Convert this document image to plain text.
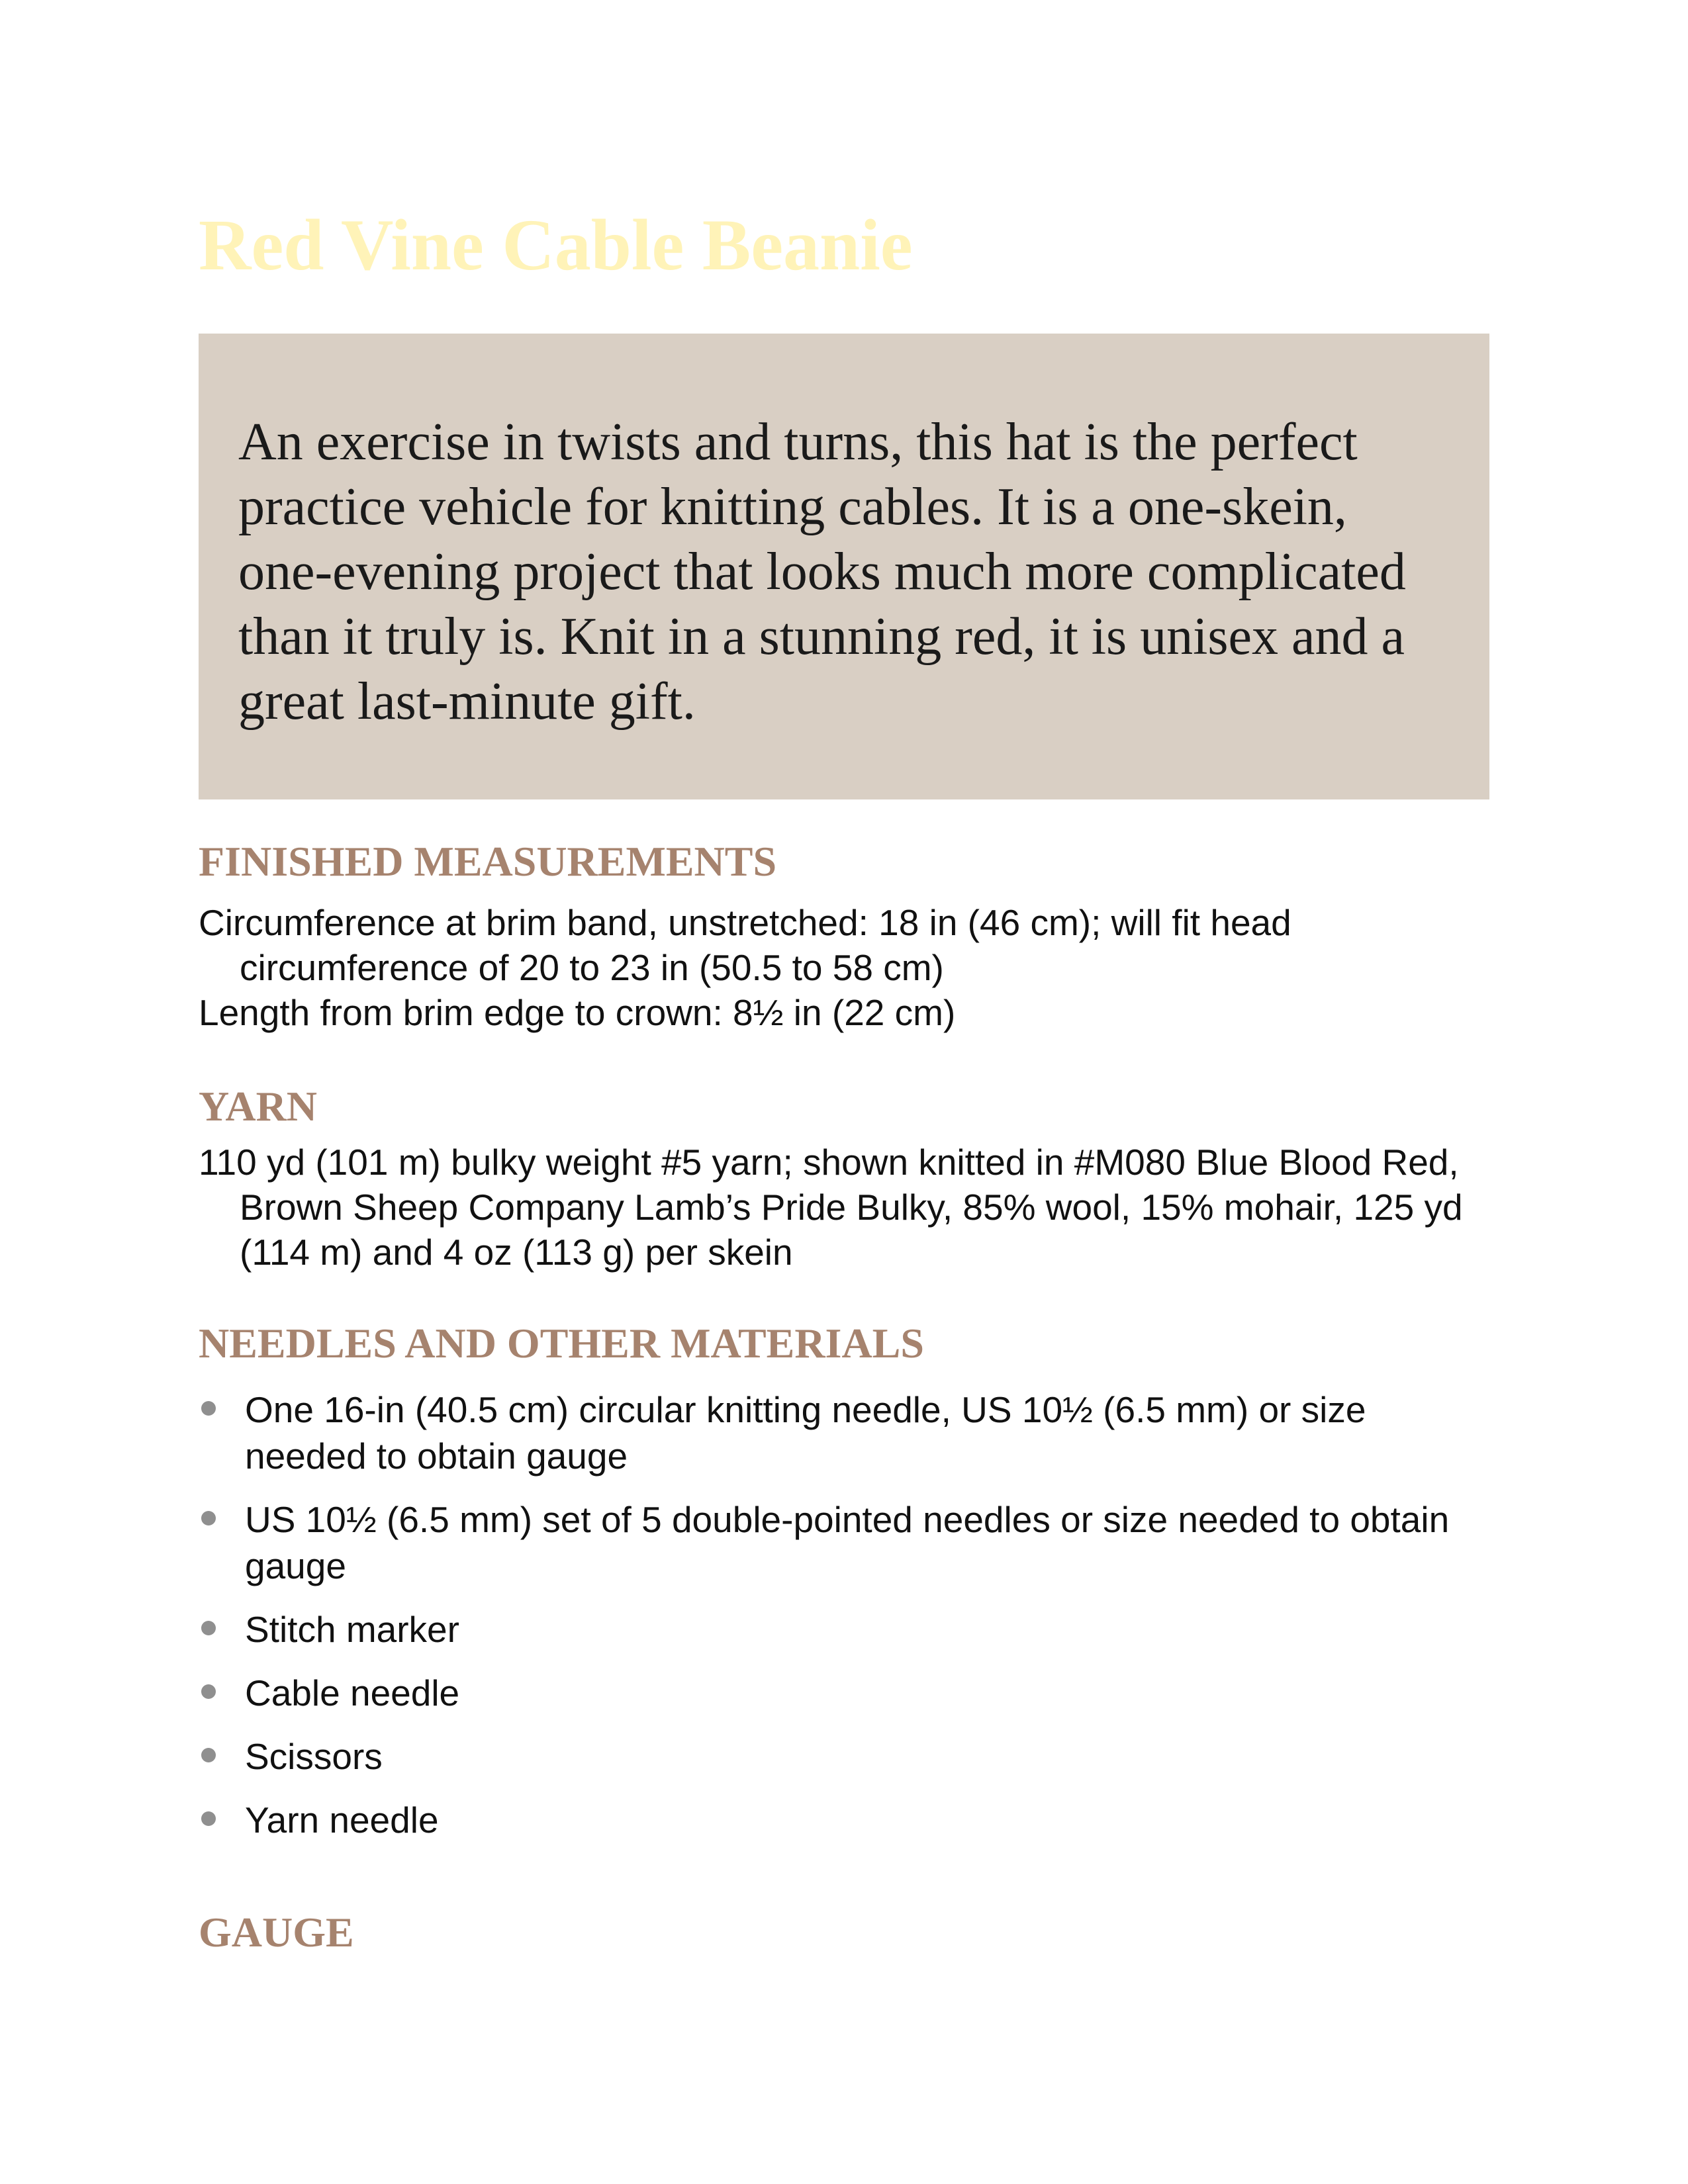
Red Vine Cable Beanie

An exercise in twists and turns, this hat is the perfect practice vehicle for knitting cables. It is a one-skein, one-evening project that looks much more complicated than it truly is. Knit in a stunning red, it is unisex and a great last-minute gift.

FINISHED MEASUREMENTS

Circumference at brim band, unstretched: 18 in (46 cm); will fit head circumference of 20 to 23 in (50.5 to 58 cm)

Length from brim edge to crown: 8½ in (22 cm)

YARN

110 yd (101 m) bulky weight #5 yarn; shown knitted in #M080 Blue Blood Red, Brown Sheep Company Lamb’s Pride Bulky, 85% wool, 15% mohair, 125 yd (114 m) and 4 oz (113 g) per skein

NEEDLES AND OTHER MATERIALS
One 16-in (40.5 cm) circular knitting needle, US 10½ (6.5 mm) or size needed to obtain gauge
US 10½ (6.5 mm) set of 5 double-pointed needles or size needed to obtain gauge
Stitch marker
Cable needle
Scissors
Yarn needle
GAUGE
